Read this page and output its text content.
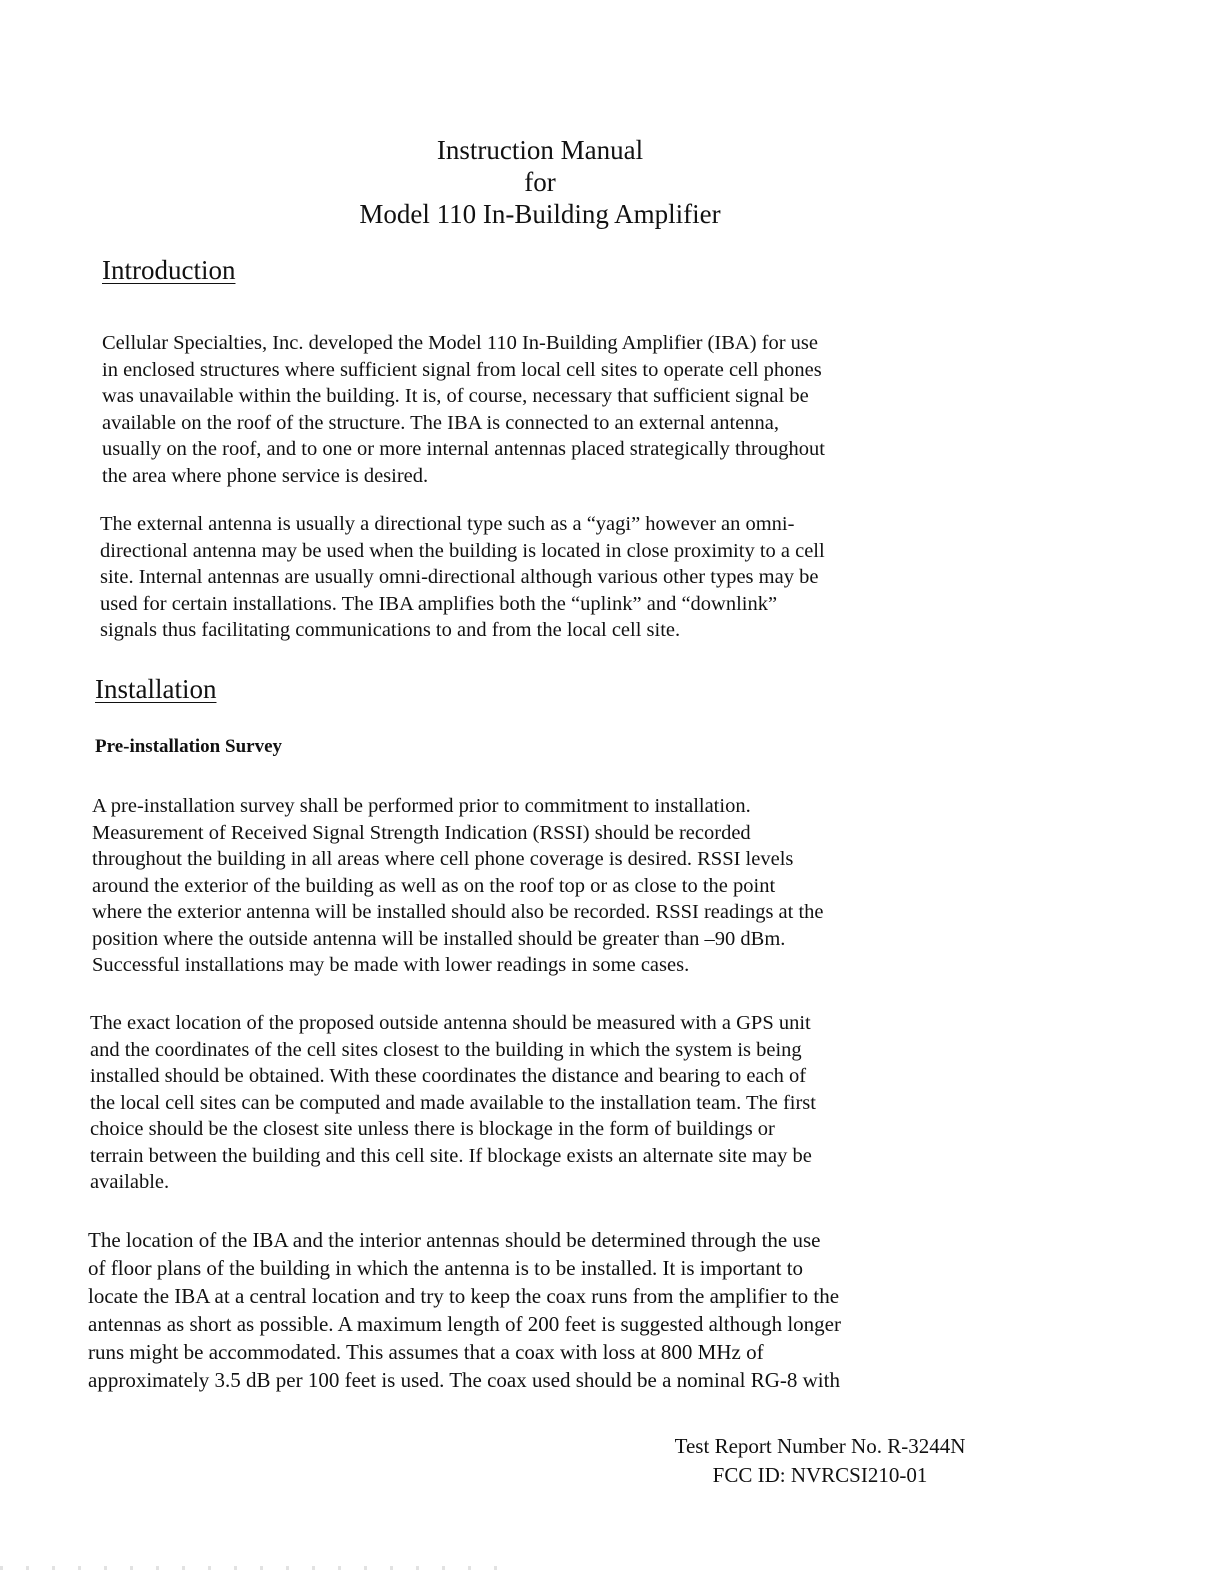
Instruction Manual
for
Model 110 In-Building Amplifier
Introduction
Cellular Specialties, Inc. developed the Model 110 In-Building Amplifier (IBA) for use
in enclosed structures where sufficient signal from local cell sites to operate cell phones
was unavailable within the building. It is, of course, necessary that sufficient signal be
available on the roof of the structure. The IBA is connected to an external antenna,
usually on the roof, and to one or more internal antennas placed strategically throughout
the area where phone service is desired.
The external antenna is usually a directional type such as a “yagi” however an omni-
directional antenna may be used when the building is located in close proximity to a cell
site. Internal antennas are usually omni-directional although various other types may be
used for certain installations. The IBA amplifies both the “uplink” and “downlink”
signals thus facilitating communications to and from the local cell site.
Installation
Pre-installation Survey
A pre-installation survey shall be performed prior to commitment to installation.
Measurement of Received Signal Strength Indication (RSSI) should be recorded
throughout the building in all areas where cell phone coverage is desired. RSSI levels
around the exterior of the building as well as on the roof top or as close to the point
where the exterior antenna will be installed should also be recorded. RSSI readings at the
position where the outside antenna will be installed should be greater than –90 dBm.
Successful installations may be made with lower readings in some cases.
The exact location of the proposed outside antenna should be measured with a GPS unit
and the coordinates of the cell sites closest to the building in which the system is being
installed should be obtained. With these coordinates the distance and bearing to each of
the local cell sites can be computed and made available to the installation team. The first
choice should be the closest site unless there is blockage in the form of buildings or
terrain between the building and this cell site. If blockage exists an alternate site may be
available.
The location of the IBA and the interior antennas should be determined through the use
of floor plans of the building in which the antenna is to be installed. It is important to
locate the IBA at a central location and try to keep the coax runs from the amplifier to the
antennas as short as possible. A maximum length of 200 feet is suggested although longer
runs might be accommodated. This assumes that a coax with loss at 800 MHz of
approximately 3.5 dB per 100 feet is used. The coax used should be a nominal RG-8 with
Test Report Number No. R-3244N
FCC ID: NVRCSI210-01
